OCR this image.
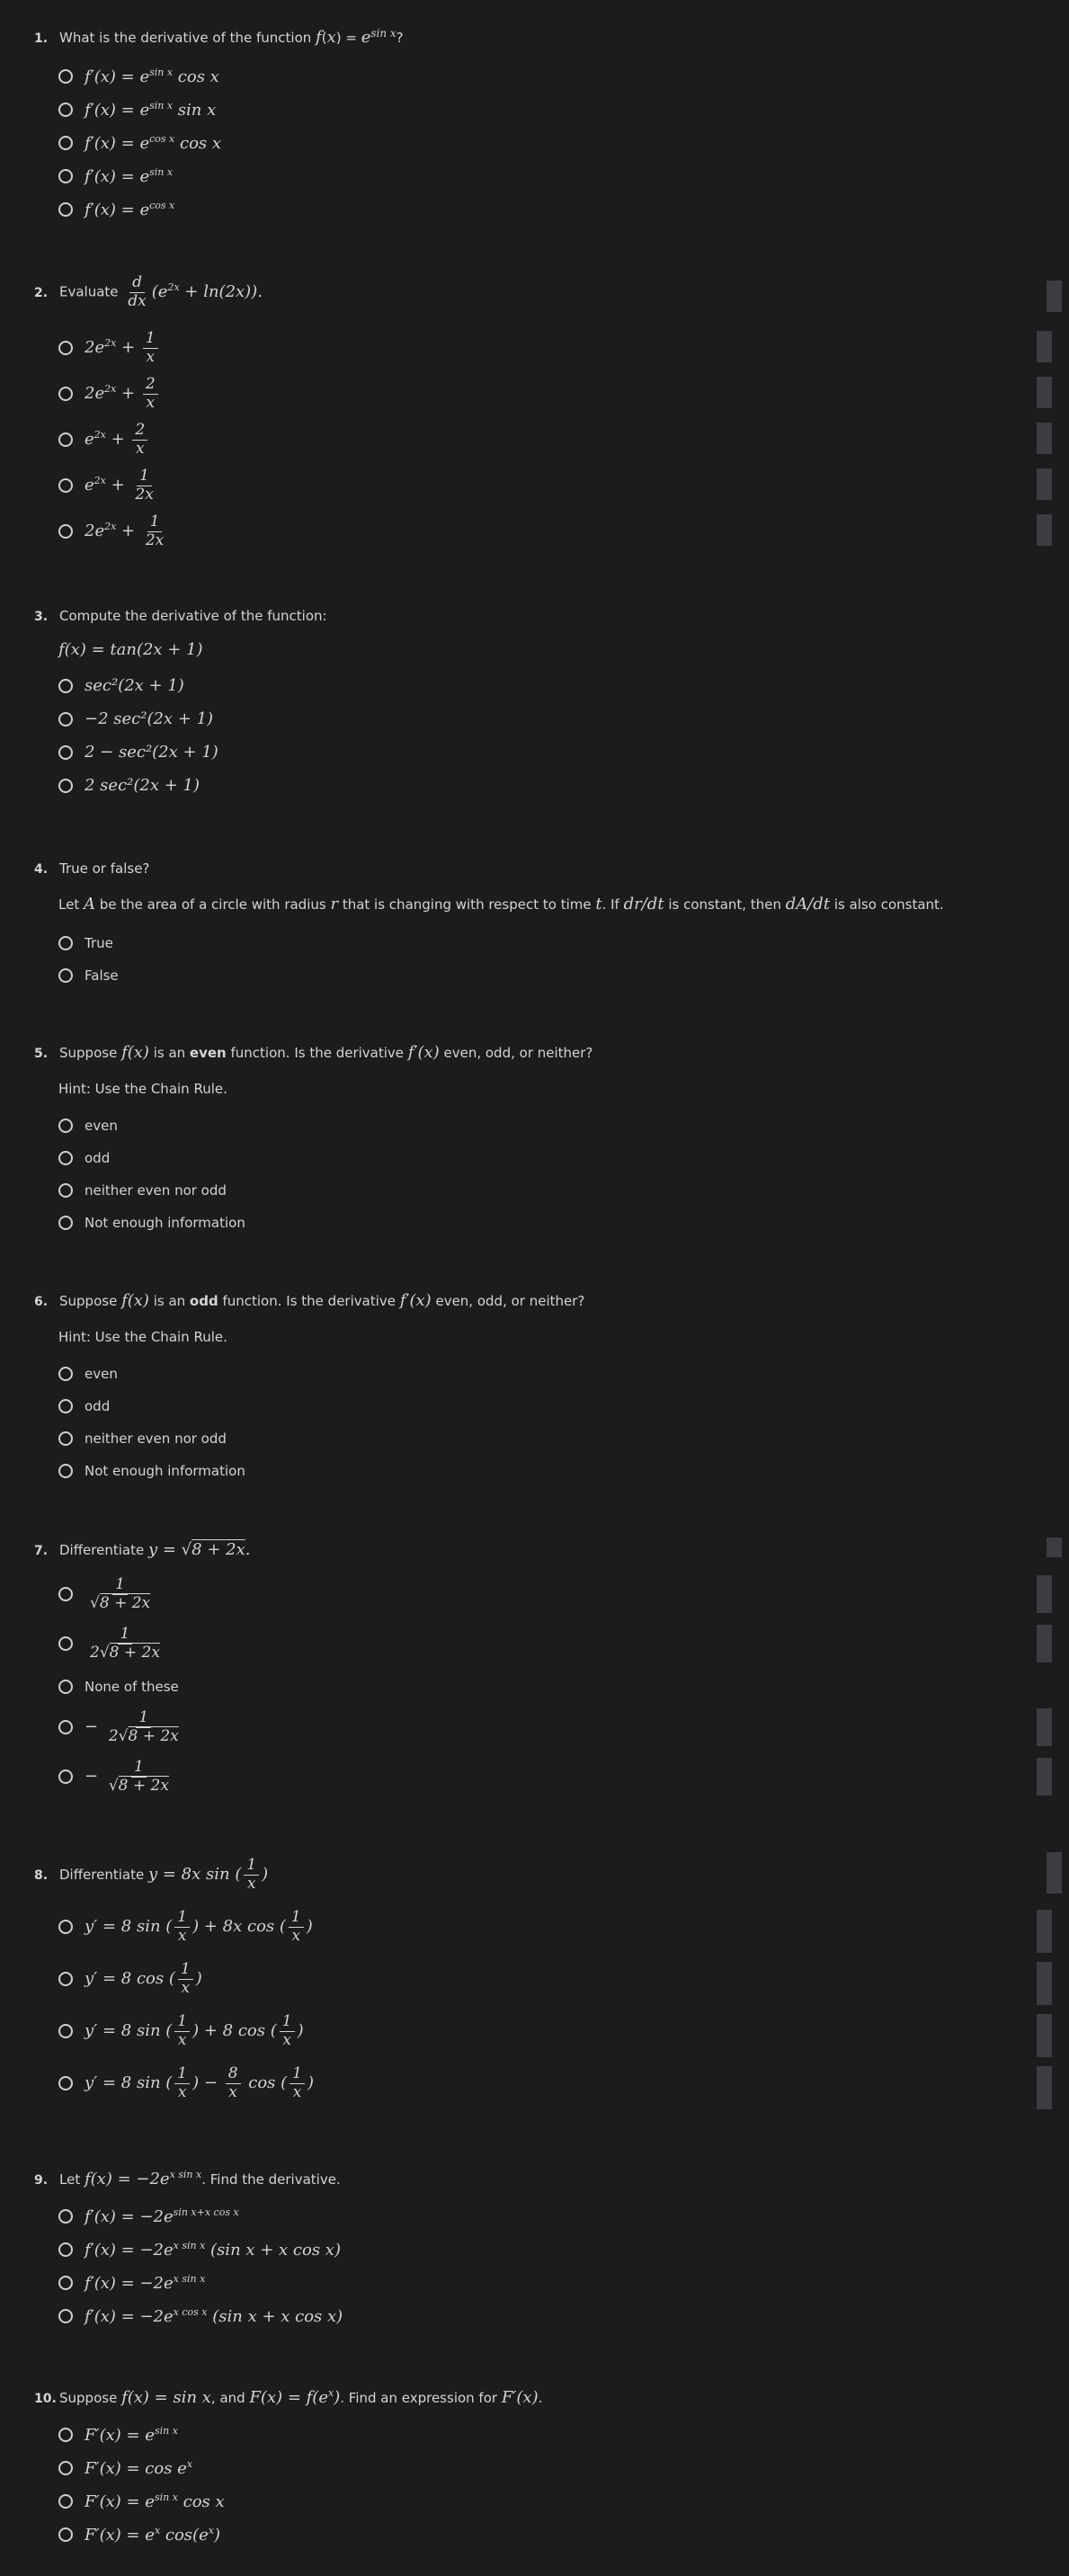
1. What is the derivative of the function $f(x) = e^{sin x}$?
$f'(x) = e^{sin x}$ cos x
$f'(x) = e^{sin x}$ sin x
$f'(x) = e^{cos x}$ cos x
$f'(x) = e^{sin x}$
$f'(x) = e^{cos x}$
2. Evaluate $\frac{d}{dx} (e^{2x} + \ln(2x))$.
$2e^{2x} + \frac{1}{x}$
$2e^{2x} + \frac{2}{x}$
$e^{2x} + \frac{2}{x}$
$e^{2x} + \frac{1}{2x}$
$2e^{2x} + \frac{1}{2x}$
3. Compute the derivative of the function:
f(x) = tan(2x + 1)
sec²(2x + 1)
−2 sec²(2x + 1)
2 − sec²(2x + 1)
2 sec²(2x + 1)
4. True or false?
Let A be the area of a circle with radius r that is changing with respect to time t. If dr/dt is constant, then dA/dt is also constant.
True
False
5. Suppose f(x) is an even function. Is the derivative f′(x) even, odd, or neither?
Hint: Use the Chain Rule.
even
odd
neither even nor odd
Not enough information
6. Suppose f(x) is an odd function. Is the derivative f′(x) even, odd, or neither?
Hint: Use the Chain Rule.
even
odd
neither even nor odd
Not enough information
7. Differentiate y = √8 + 2x.
$\frac{1}{√8 + 2x}$
$\frac{1}{2√8 + 2x}$
None of these
− $\frac{1}{2√8 + 2x}$
− $\frac{1}{√8 + 2x}$
8. Differentiate y = 8x sin ( $\frac{1}{x}$ )
y′ = 8 sin ( $\frac{1}{x}$ ) + 8x cos ( $\frac{1}{x}$ )
y′ = 8 cos ( $\frac{1}{x}$ )
y′ = 8 sin ( $\frac{1}{x}$ ) + 8 cos ( $\frac{1}{x}$ )
y′ = 8 sin ( $\frac{1}{x}$ ) − $\frac{8}{x}$ cos ( $\frac{1}{x}$ )
9. Let $f(x) = -2e^{x sin x}$. Find the derivative.
$f'(x) = -2e^{sin x+x cos x}$
$f'(x) = -2e^{x sin x}$ (sin x + x cos x)
$f'(x) = -2e^{x sin x}$
$f'(x) = -2e^{x cos x}$ (sin x + x cos x)
10. Suppose f(x) = sin x, and $F(x) = f(e^x)$. Find an expression for F′(x).
$F'(x) = e^{sin x}$
$F'(x) = \cos e^x$
$F'(x) = e^{sin x}$ cos x
$F'(x) = e^x$ $\cos(e^x)$
